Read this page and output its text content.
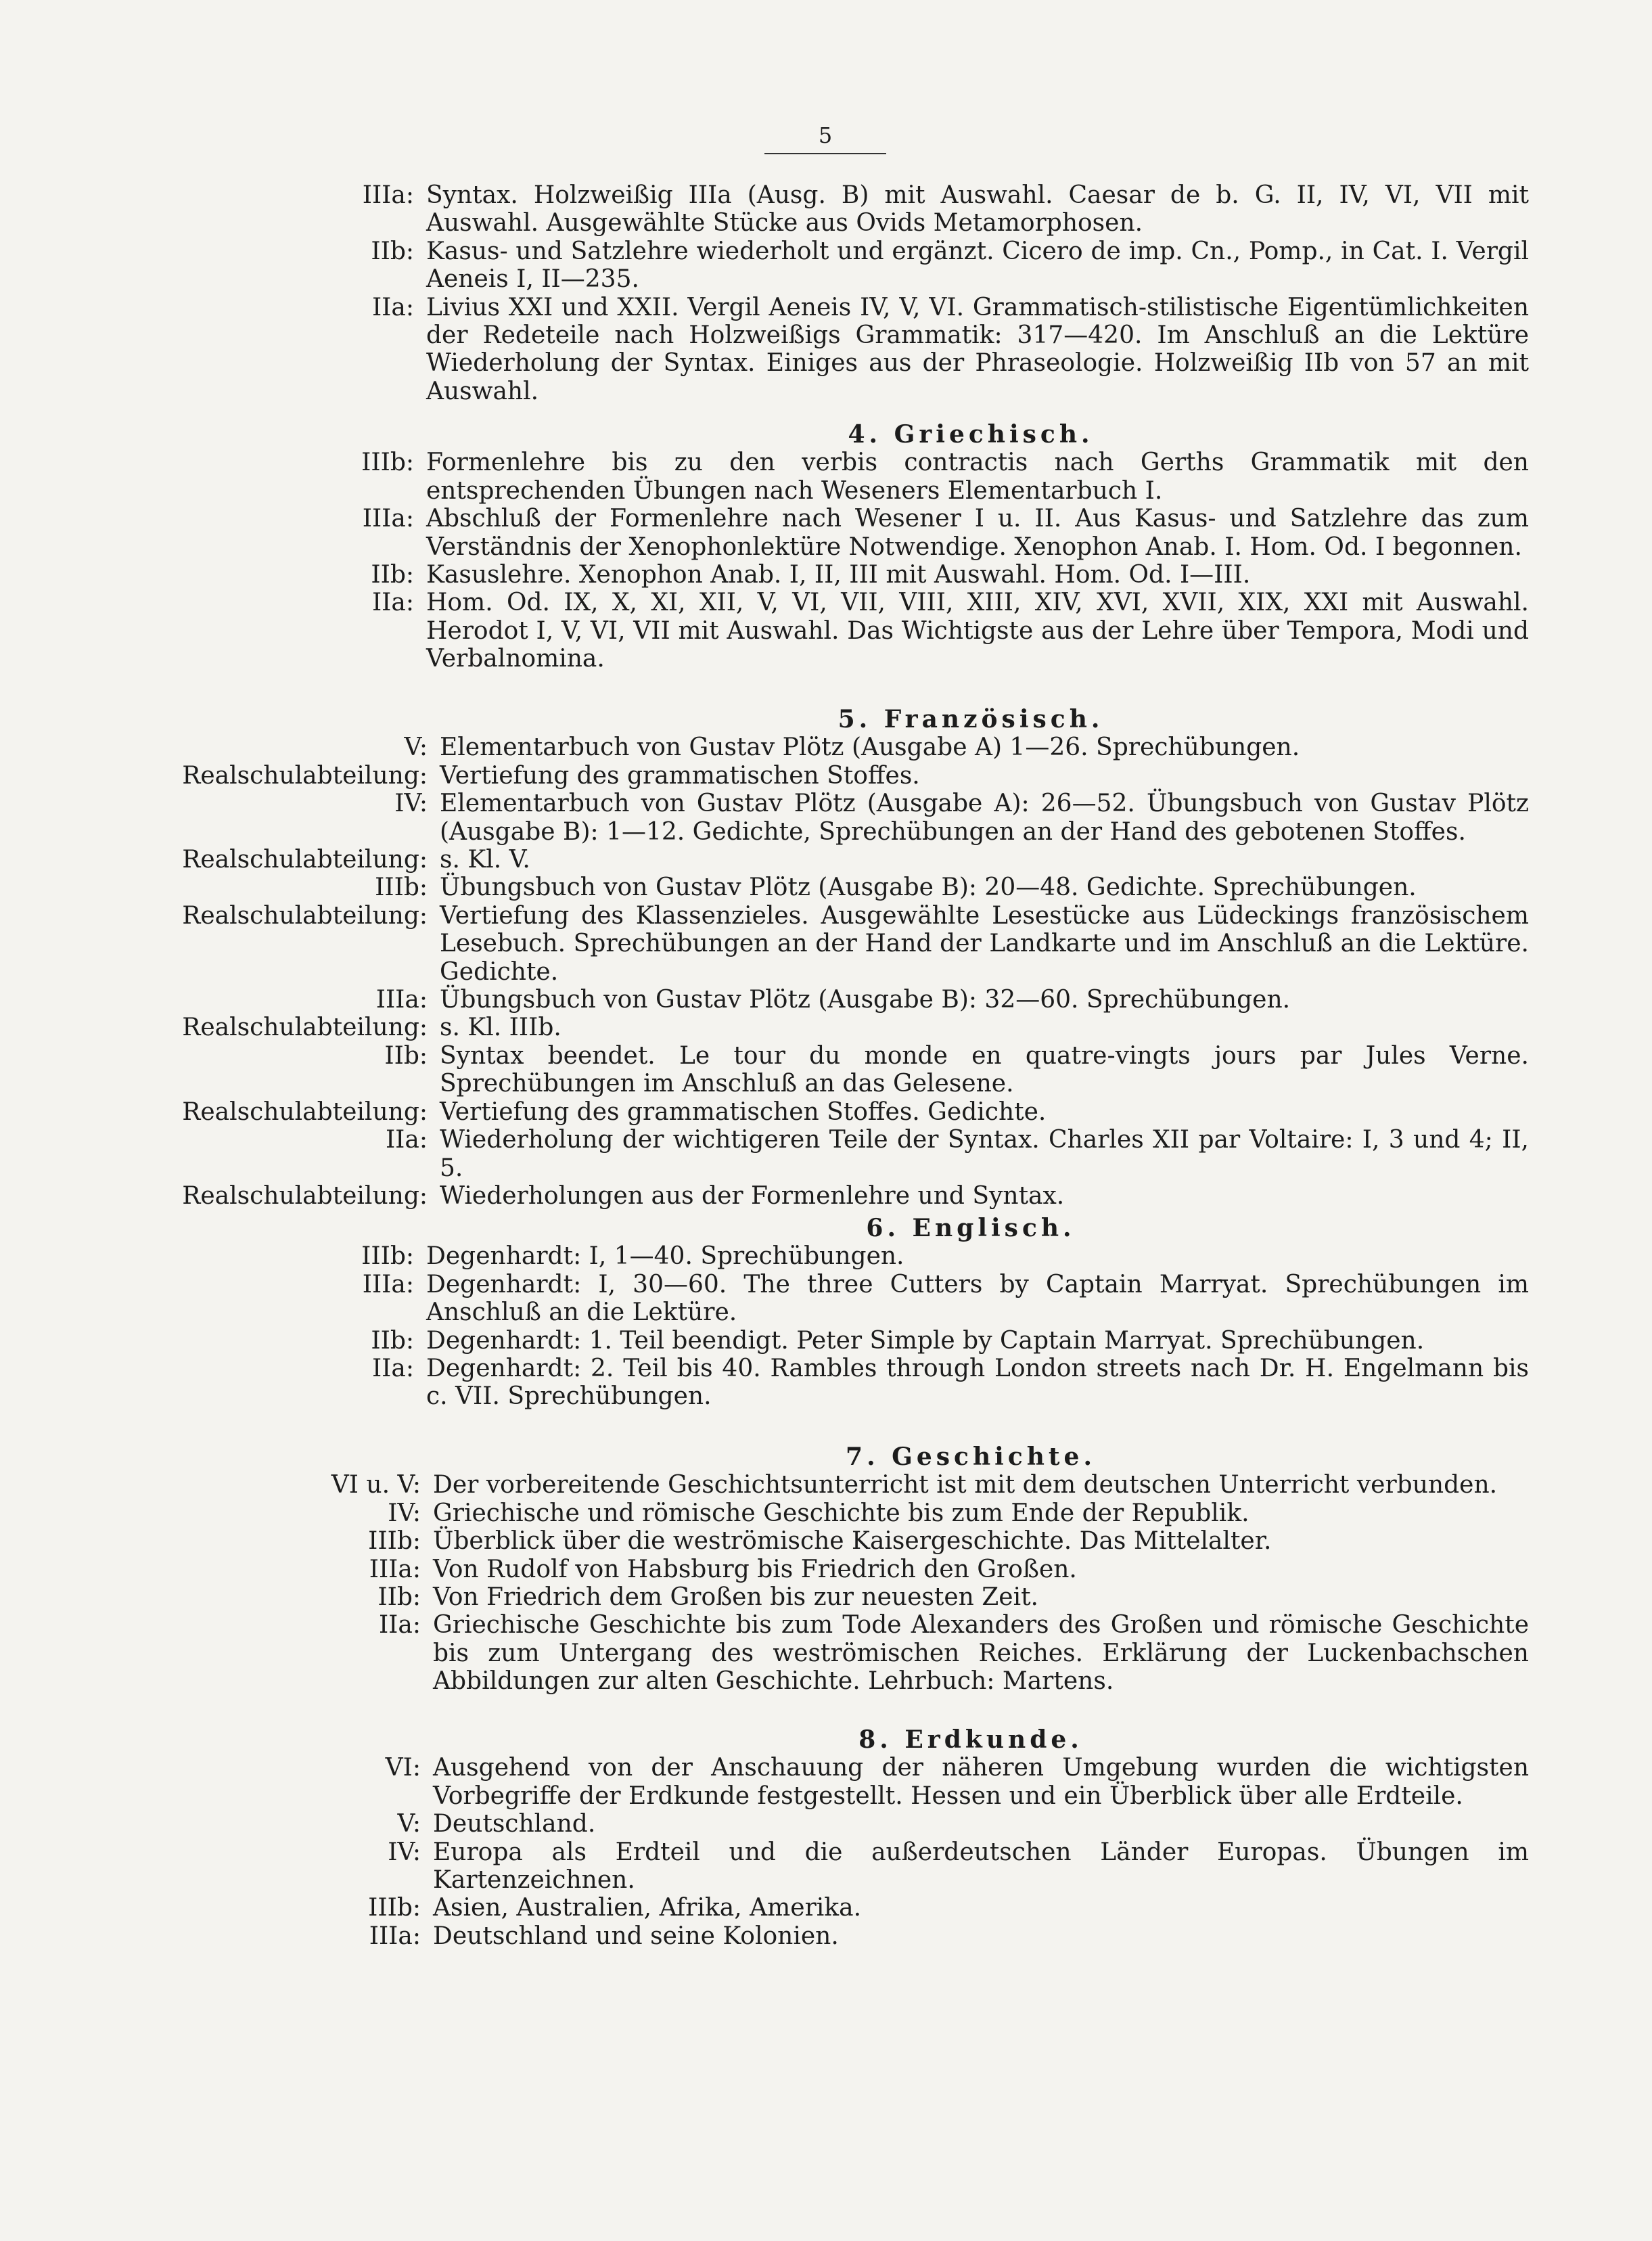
5
IIIa: Syntax. Holzweißig IIIa (Ausg. B) mit Auswahl. Caesar de b. G. II, IV, VI, VII mit Auswahl. Ausgewählte Stücke aus Ovids Metamorphosen.
IIb: Kasus- und Satzlehre wiederholt und ergänzt. Cicero de imp. Cn., Pomp., in Cat. I. Vergil Aeneis I, II—235.
IIa: Livius XXI und XXII. Vergil Aeneis IV, V, VI. Grammatisch-stilistische Eigentümlichkeiten der Redeteile nach Holzweißigs Grammatik: 317—420. Im Anschluß an die Lektüre Wiederholung der Syntax. Einiges aus der Phraseologie. Holzweißig IIb von 57 an mit Auswahl.
4. Griechisch.
IIIb: Formenlehre bis zu den verbis contractis nach Gerths Grammatik mit den entsprechenden Übungen nach Weseners Elementarbuch I.
IIIa: Abschluß der Formenlehre nach Wesener I u. II. Aus Kasus- und Satzlehre das zum Verständnis der Xenophonlektüre Notwendige. Xenophon Anab. I. Hom. Od. I begonnen.
IIb: Kasuslehre. Xenophon Anab. I, II, III mit Auswahl. Hom. Od. I—III.
IIa: Hom. Od. IX, X, XI, XII, V, VI, VII, VIII, XIII, XIV, XVI, XVII, XIX, XXI mit Auswahl. Herodot I, V, VI, VII mit Auswahl. Das Wichtigste aus der Lehre über Tempora, Modi und Verbalnomina.
5. Französisch.
V: Elementarbuch von Gustav Plötz (Ausgabe A) 1—26. Sprechübungen.
Realschulabteilung: Vertiefung des grammatischen Stoffes.
IV: Elementarbuch von Gustav Plötz (Ausgabe A): 26—52. Übungsbuch von Gustav Plötz (Ausgabe B): 1—12. Gedichte, Sprechübungen an der Hand des gebotenen Stoffes.
Realschulabteilung: s. Kl. V.
IIIb: Übungsbuch von Gustav Plötz (Ausgabe B): 20—48. Gedichte. Sprechübungen.
Realschulabteilung: Vertiefung des Klassenzieles. Ausgewählte Lesestücke aus Lüdeckings französischem Lesebuch. Sprechübungen an der Hand der Landkarte und im Anschluß an die Lektüre. Gedichte.
IIIa: Übungsbuch von Gustav Plötz (Ausgabe B): 32—60. Sprechübungen.
Realschulabteilung: s. Kl. IIIb.
IIb: Syntax beendet. Le tour du monde en quatre-vingts jours par Jules Verne. Sprechübungen im Anschluß an das Gelesene.
Realschulabteilung: Vertiefung des grammatischen Stoffes. Gedichte.
IIa: Wiederholung der wichtigeren Teile der Syntax. Charles XII par Voltaire: I, 3 und 4; II, 5.
Realschulabteilung: Wiederholungen aus der Formenlehre und Syntax.
6. Englisch.
IIIb: Degenhardt: I, 1—40. Sprechübungen.
IIIa: Degenhardt: I, 30—60. The three Cutters by Captain Marryat. Sprechübungen im Anschluß an die Lektüre.
IIb: Degenhardt: 1. Teil beendigt. Peter Simple by Captain Marryat. Sprechübungen.
IIa: Degenhardt: 2. Teil bis 40. Rambles through London streets nach Dr. H. Engelmann bis c. VII. Sprechübungen.
7. Geschichte.
VI u. V: Der vorbereitende Geschichtsunterricht ist mit dem deutschen Unterricht verbunden.
IV: Griechische und römische Geschichte bis zum Ende der Republik.
IIIb: Überblick über die weströmische Kaisergeschichte. Das Mittelalter.
IIIa: Von Rudolf von Habsburg bis Friedrich den Großen.
IIb: Von Friedrich dem Großen bis zur neuesten Zeit.
IIa: Griechische Geschichte bis zum Tode Alexanders des Großen und römische Geschichte bis zum Untergang des weströmischen Reiches. Erklärung der Luckenbachschen Abbildungen zur alten Geschichte. Lehrbuch: Martens.
8. Erdkunde.
VI: Ausgehend von der Anschauung der näheren Umgebung wurden die wichtigsten Vorbegriffe der Erdkunde festgestellt. Hessen und ein Überblick über alle Erdteile.
V: Deutschland.
IV: Europa als Erdteil und die außerdeutschen Länder Europas. Übungen im Kartenzeichnen.
IIIb: Asien, Australien, Afrika, Amerika.
IIIa: Deutschland und seine Kolonien.
